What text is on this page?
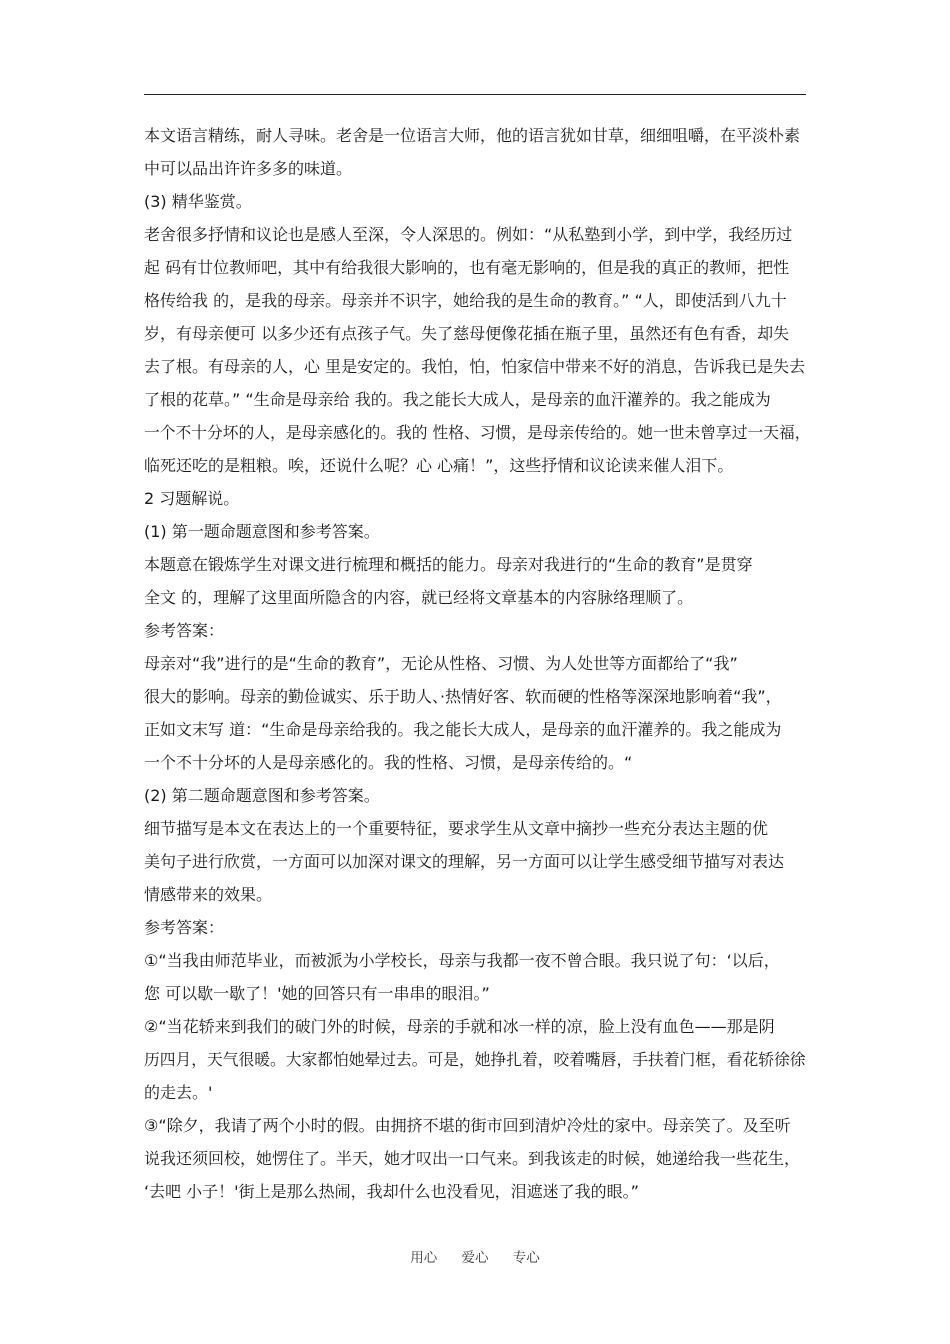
本文语言精练，耐人寻味。老舍是一位语言大师，他的语言犹如甘草，细细咀嚼，在平淡朴素
中可以品出许许多多的味道。
(3) 精华鉴赏。
老舍很多抒情和议论也是感人至深，令人深思的。例如：“从私塾到小学，到中学，我经历过
起 码有廿位教师吧，其中有给我很大影响的，也有毫无影响的，但是我的真正的教师，把性
格传给我 的，是我的母亲。母亲并不识字，她给我的是生命的教育。” “人，即使活到八九十
岁，有母亲便可 以多少还有点孩子气。失了慈母便像花插在瓶子里，虽然还有色有香，却失
去了根。有母亲的人，心 里是安定的。我怕，怕，怕家信中带来不好的消息，告诉我已是失去
了根的花草。” “生命是母亲给 我的。我之能长大成人，是母亲的血汗灌养的。我之能成为
一个不十分坏的人，是母亲感化的。我的 性格、习惯，是母亲传给的。她一世未曾享过一天福，
临死还吃的是粗粮。唉，还说什么呢？心 心痛！”，这些抒情和议论读来催人泪下。
2 习题解说。
(1) 第一题命题意图和参考答案。
本题意在锻炼学生对课文进行梳理和概括的能力。母亲对我进行的“生命的教育”是贯穿
全文 的，理解了这里面所隐含的内容，就已经将文章基本的内容脉络理顺了。
参考答案：
母亲对“我”进行的是“生命的教育”，无论从性格、习惯、为人处世等方面都给了“我”
很大的影响。母亲的勤俭诚实、乐于助人、·热情好客、软而硬的性格等深深地影响着“我”，
正如文末写 道：“生命是母亲给我的。我之能长大成人，是母亲的血汗灌养的。我之能成为
一个不十分坏的人是母亲感化的。我的性格、习惯，是母亲传给的。“
(2) 第二题命题意图和参考答案。
细节描写是本文在表达上的一个重要特征，要求学生从文章中摘抄一些充分表达主题的优
美句子进行欣赏，一方面可以加深对课文的理解，另一方面可以让学生感受细节描写对表达
情感带来的效果。
参考答案：
①“当我由师范毕业，而被派为小学校长，母亲与我都一夜不曾合眼。我只说了句：‘以后，
您 可以歇一歇了！'她的回答只有一串串的眼泪。”
②“当花轿来到我们的破门外的时候，母亲的手就和冰一样的凉，脸上没有血色——那是阴
历四月，天气很暖。大家都怕她晕过去。可是，她挣扎着，咬着嘴唇，手扶着门框，看花轿徐徐
的走去。'
③“除夕，我请了两个小时的假。由拥挤不堪的街市回到清炉冷灶的家中。母亲笑了。及至听
说我还须回校，她愣住了。半天，她才叹出一口气来。到我该走的时候，她递给我一些花生，
‘去吧 小子！'街上是那么热闹，我却什么也没看见，泪遮迷了我的眼。”
用心 爱心 专心
